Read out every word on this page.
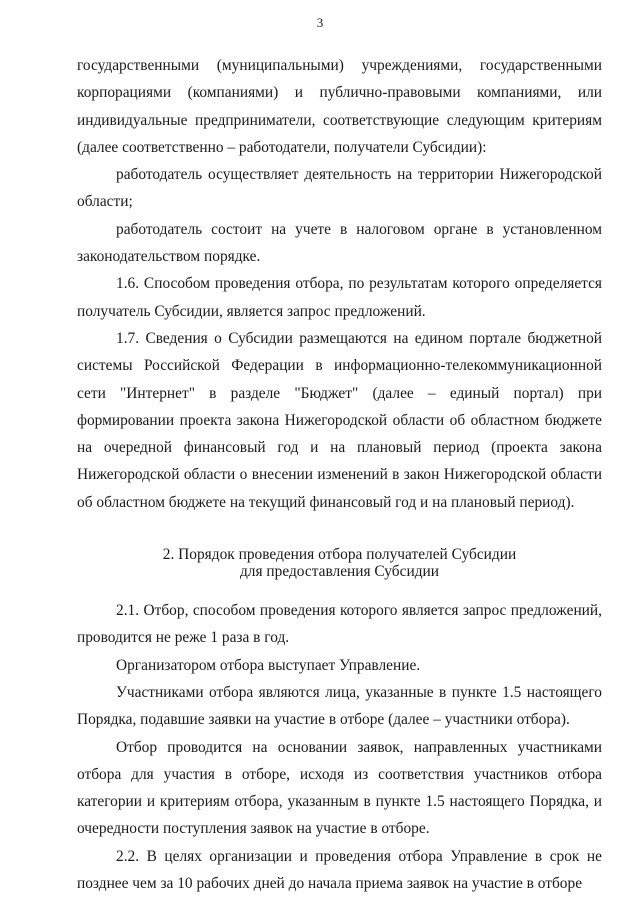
3

государственными (муниципальными) учреждениями, государственными корпорациями (компаниями) и публично-правовыми компаниями, или индивидуальные предприниматели, соответствующие следующим критериям (далее соответственно – работодатели, получатели Субсидии):

работодатель осуществляет деятельность на территории Нижегородской области;

работодатель состоит на учете в налоговом органе в установленном законодательством порядке.

1.6. Способом проведения отбора, по результатам которого определяется получатель Субсидии, является запрос предложений.

1.7. Сведения о Субсидии размещаются на едином портале бюджетной системы Российской Федерации в информационно-телекоммуникационной сети "Интернет" в разделе "Бюджет" (далее – единый портал) при формировании проекта закона Нижегородской области об областном бюджете на очередной финансовый год и на плановый период (проекта закона Нижегородской области о внесении изменений в закон Нижегородской области об областном бюджете на текущий финансовый год и на плановый период).

2. Порядок проведения отбора получателей Субсидии
для предоставления Субсидии

2.1. Отбор, способом проведения которого является запрос предложений, проводится не реже 1 раза в год.

Организатором отбора выступает Управление.

Участниками отбора являются лица, указанные в пункте 1.5 настоящего Порядка, подавшие заявки на участие в отборе (далее – участники отбора).

Отбор проводится на основании заявок, направленных участниками отбора для участия в отборе, исходя из соответствия участников отбора категории и критериям отбора, указанным в пункте 1.5 настоящего Порядка, и очередности поступления заявок на участие в отборе.

2.2. В целях организации и проведения отбора Управление в срок не позднее чем за 10 рабочих дней до начала приема заявок на участие в отборе
